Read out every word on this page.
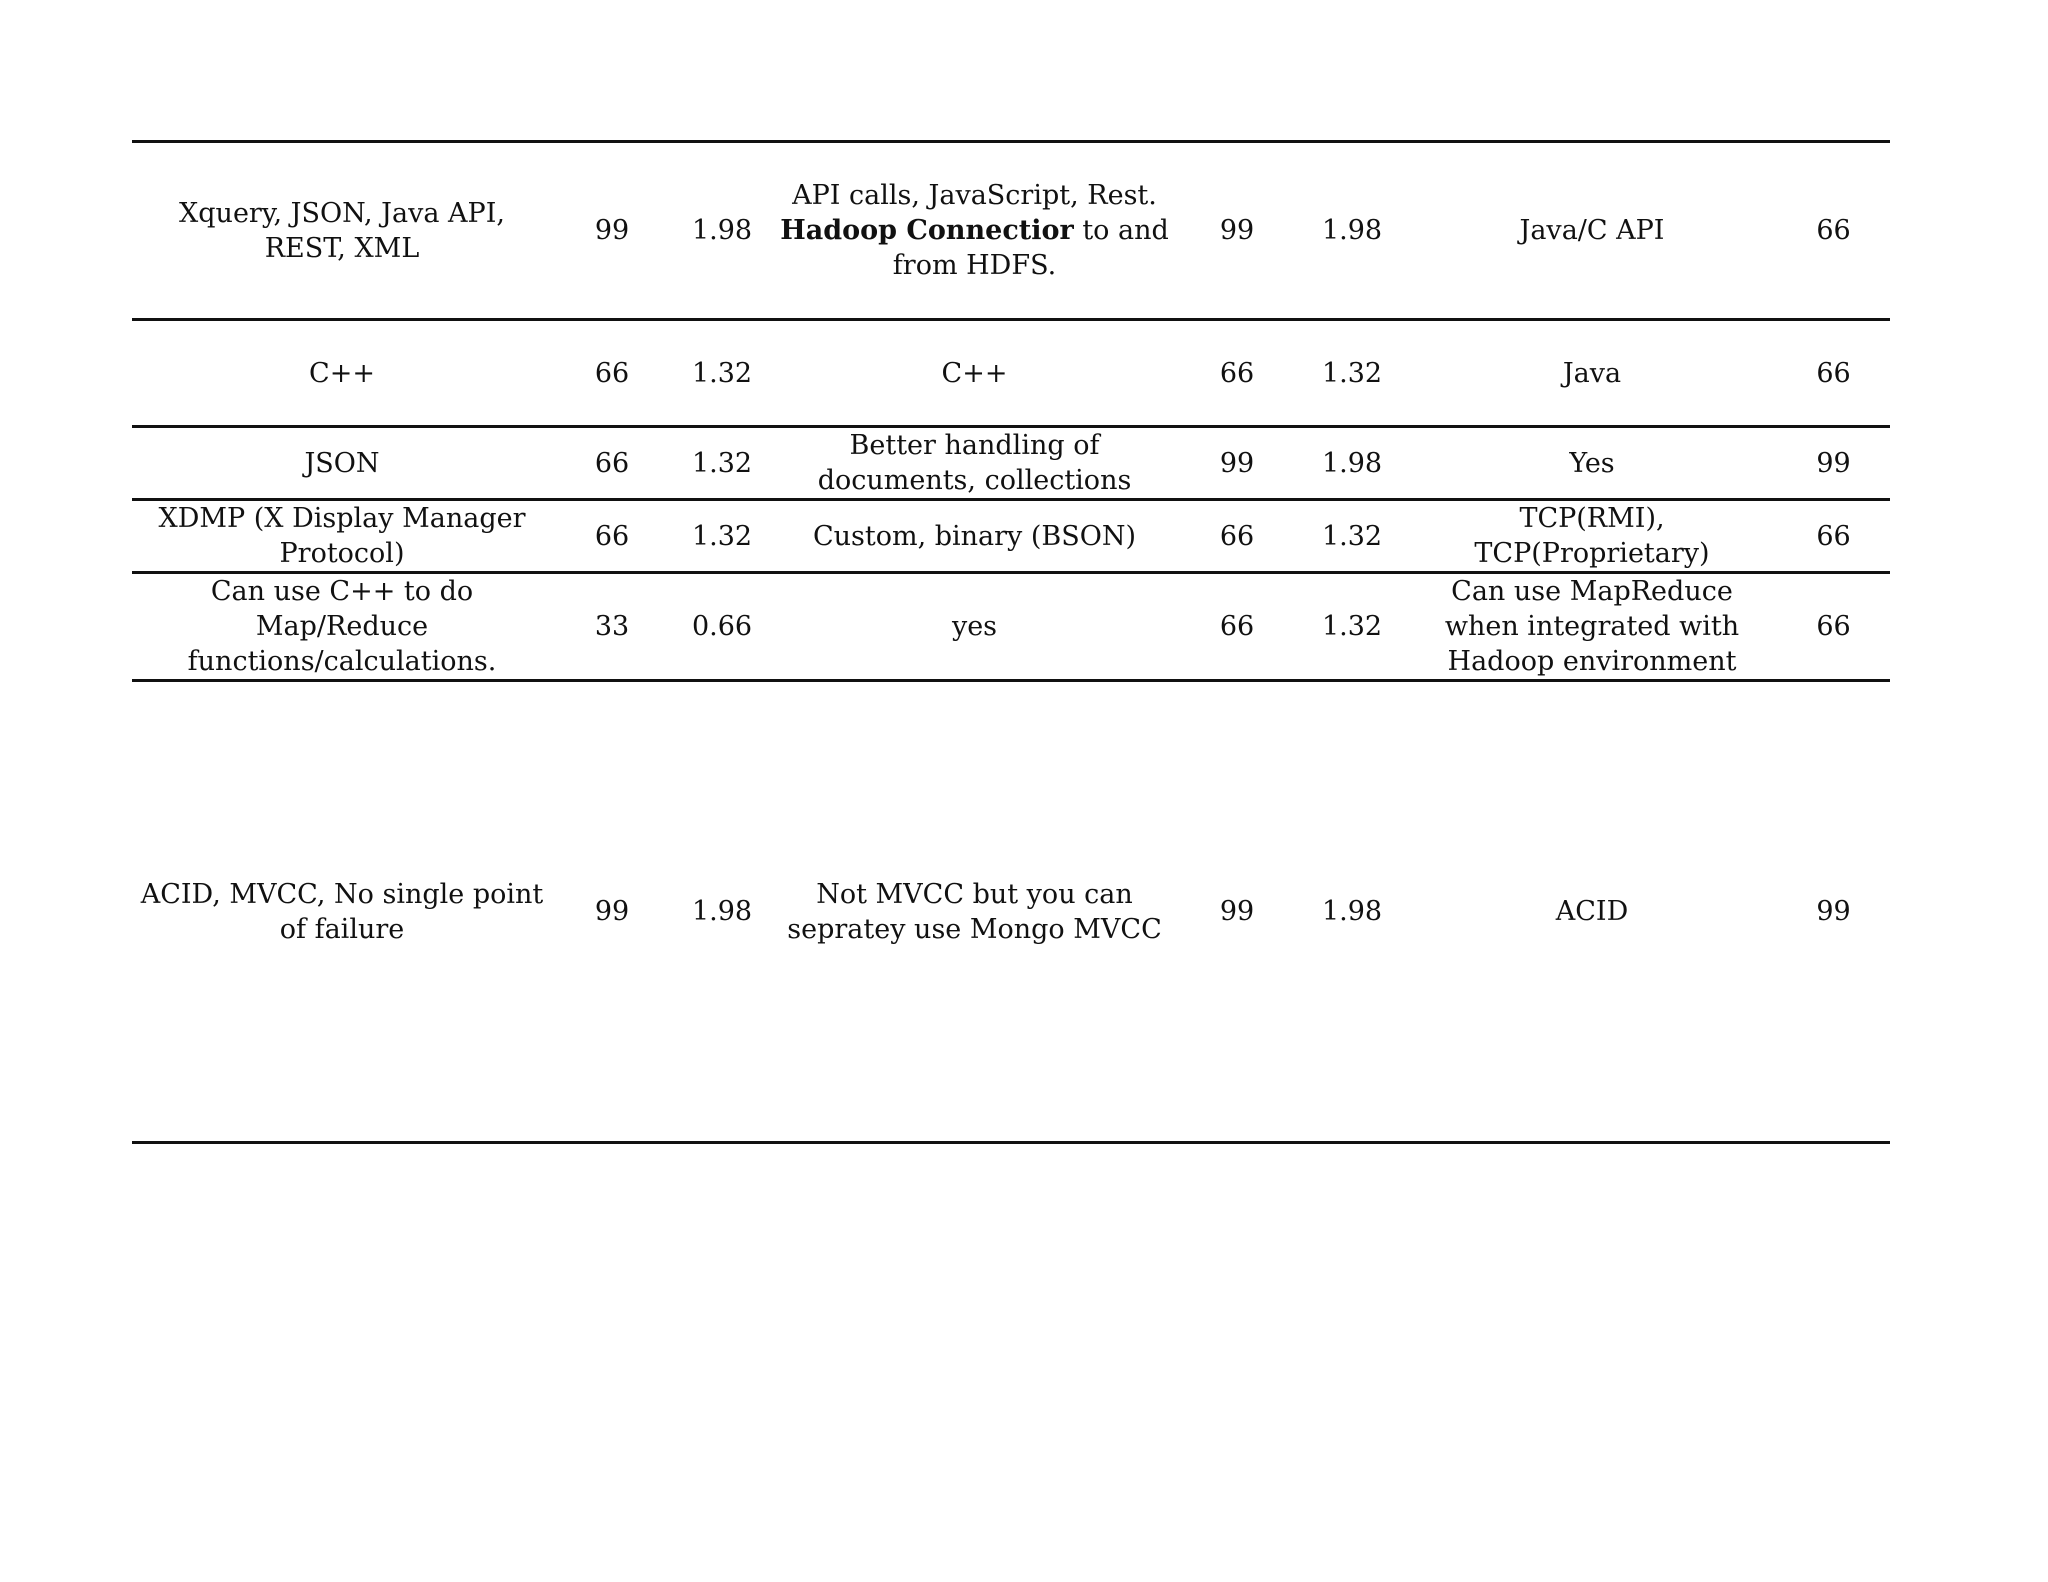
Xquery, JSON, Java API, REST, XML	99	1.98	API calls, JavaScript, Rest. Hadoop Connectior to and from HDFS.	99	1.98	Java/C API	66
C++	66	1.32	C++	66	1.32	Java	66
JSON	66	1.32	Better handling of documents, collections	99	1.98	Yes	99
XDMP (X Display Manager Protocol)	66	1.32	Custom, binary (BSON)	66	1.32	TCP(RMI), TCP(Proprietary)	66
Can use C++ to do Map/Reduce functions/calculations.	33	0.66	yes	66	1.32	Can use MapReduce when integrated with Hadoop environment	66
ACID, MVCC, No single point of failure	99	1.98	Not MVCC but you can sepratey use Mongo MVCC	99	1.98	ACID	99
